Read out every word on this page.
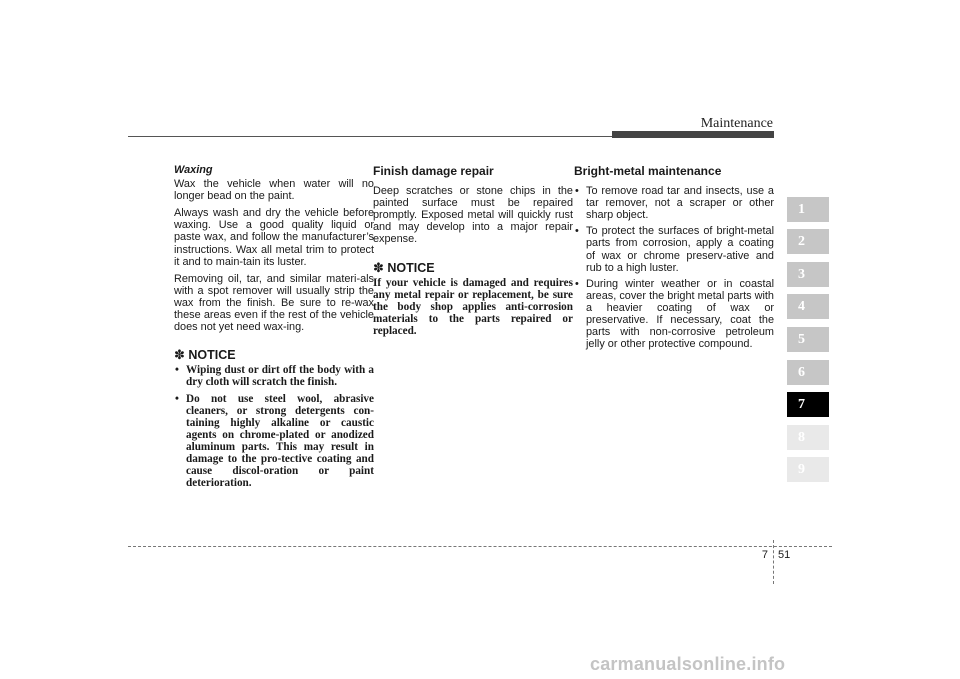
Maintenance
1
2
3
4
5
6
7
8
9
Waxing

Wax the vehicle when water will no longer bead on the paint.

Always wash and dry the vehicle before waxing. Use a good quality liquid or paste wax, and follow the manufacturer’s instructions. Wax all metal trim to protect it and to main-tain its luster.

Removing oil, tar, and similar materi-als with a spot remover will usually strip the wax from the finish. Be sure to re-wax these areas even if the rest of the vehicle does not yet need wax-ing.

✽ NOTICE
• Wiping dust or dirt off the body with a dry cloth will scratch the finish.
• Do not use steel wool, abrasive cleaners, or strong detergents con-taining highly alkaline or caustic agents on chrome-plated or anodized aluminum parts. This may result in damage to the pro-tective coating and cause discol-oration or paint deterioration.
Finish damage repair

Deep scratches or stone chips in the painted surface must be repaired promptly. Exposed metal will quickly rust and may develop into a major repair expense.

✽ NOTICE
If your vehicle is damaged and requires any metal repair or replacement, be sure the body shop applies anti-corrosion materials to the parts repaired or replaced.
Bright-metal maintenance
• To remove road tar and insects, use a tar remover, not a scraper or other sharp object.
• To protect the surfaces of bright-metal parts from corrosion, apply a coating of wax or chrome preserv-ative and rub to a high luster.
• During winter weather or in coastal areas, cover the bright metal parts with a heavier coating of wax or preservative. If necessary, coat the parts with non-corrosive petroleum jelly or other protective compound.
7 51
carmanualsonline.info
